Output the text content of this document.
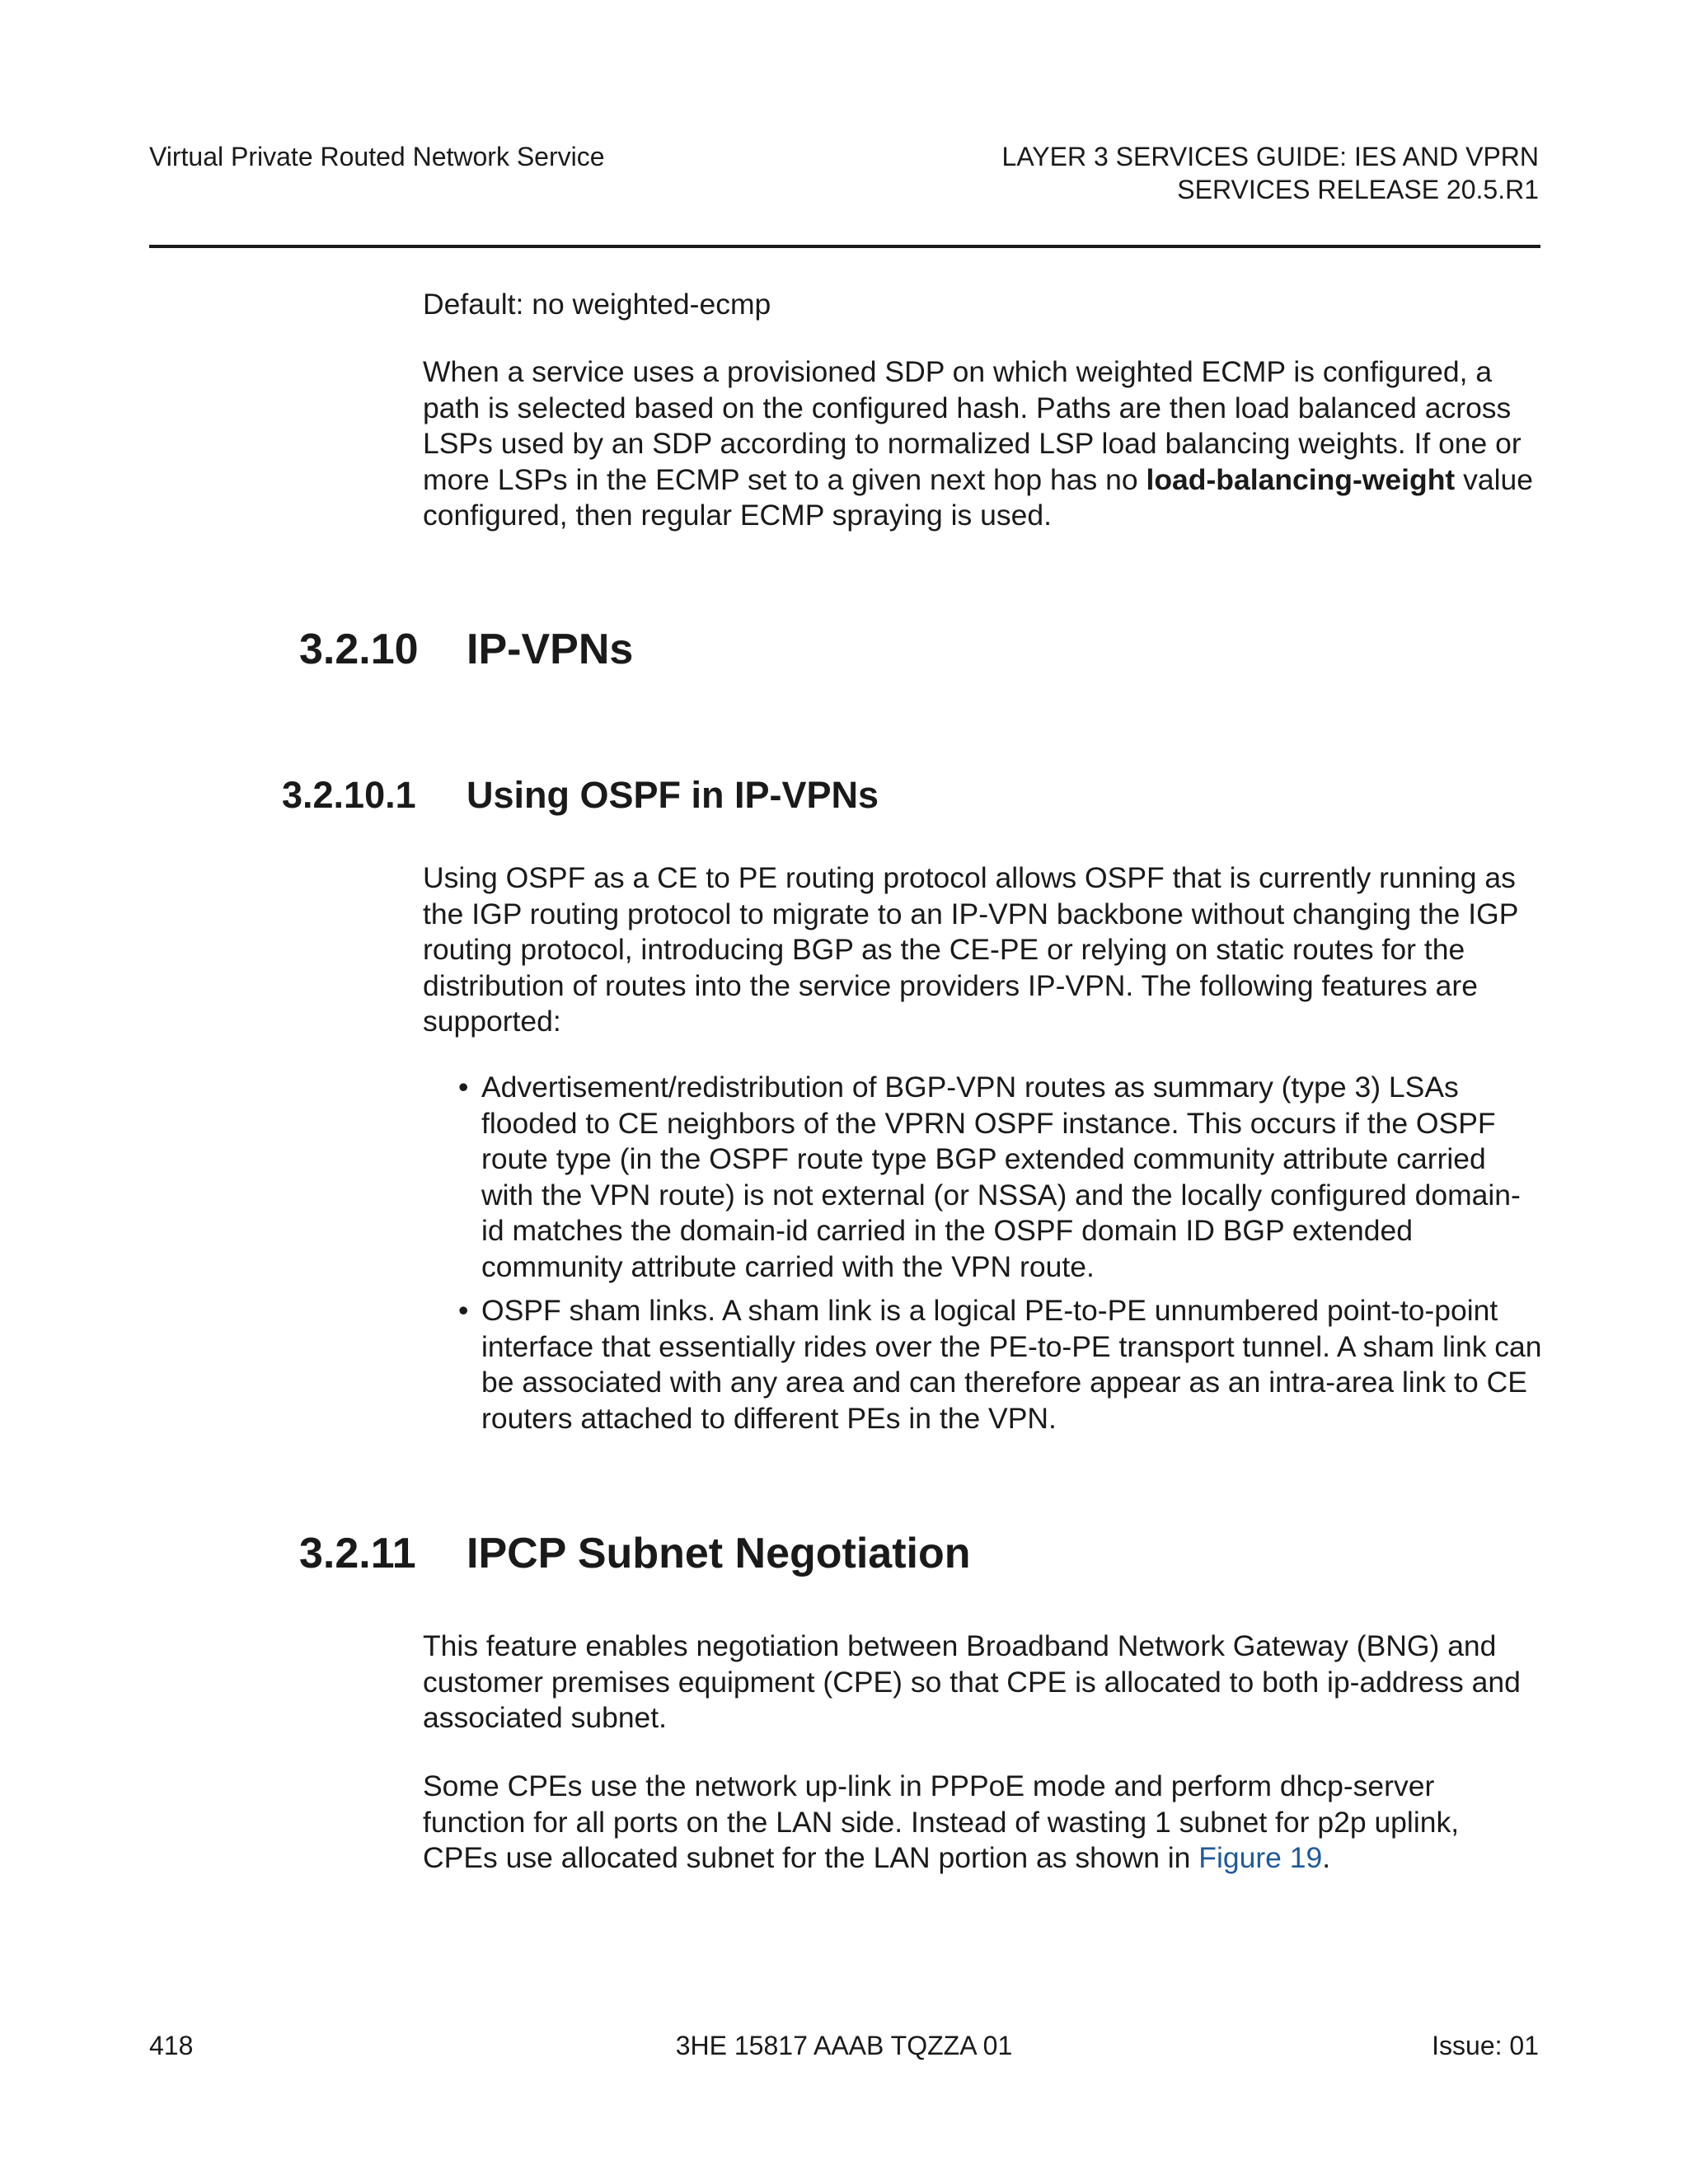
Virtual Private Routed Network Service	LAYER 3 SERVICES GUIDE: IES AND VPRN
SERVICES RELEASE 20.5.R1

Default: no weighted-ecmp

When a service uses a provisioned SDP on which weighted ECMP is configured, a path is selected based on the configured hash. Paths are then load balanced across LSPs used by an SDP according to normalized LSP load balancing weights. If one or more LSPs in the ECMP set to a given next hop has no load-balancing-weight value configured, then regular ECMP spraying is used.

3.2.10 IP-VPNs
3.2.10.1 Using OSPF in IP-VPNs

Using OSPF as a CE to PE routing protocol allows OSPF that is currently running as the IGP routing protocol to migrate to an IP-VPN backbone without changing the IGP routing protocol, introducing BGP as the CE-PE or relying on static routes for the distribution of routes into the service providers IP-VPN. The following features are supported:

• Advertisement/redistribution of BGP-VPN routes as summary (type 3) LSAs flooded to CE neighbors of the VPRN OSPF instance. This occurs if the OSPF route type (in the OSPF route type BGP extended community attribute carried with the VPN route) is not external (or NSSA) and the locally configured domain-id matches the domain-id carried in the OSPF domain ID BGP extended community attribute carried with the VPN route.
• OSPF sham links. A sham link is a logical PE-to-PE unnumbered point-to-point interface that essentially rides over the PE-to-PE transport tunnel. A sham link can be associated with any area and can therefore appear as an intra-area link to CE routers attached to different PEs in the VPN.
3.2.11 IPCP Subnet Negotiation

This feature enables negotiation between Broadband Network Gateway (BNG) and customer premises equipment (CPE) so that CPE is allocated to both ip-address and associated subnet.

Some CPEs use the network up-link in PPPoE mode and perform dhcp-server function for all ports on the LAN side. Instead of wasting 1 subnet for p2p uplink, CPEs use allocated subnet for the LAN portion as shown in Figure 19.

418	3HE 15817 AAAB TQZZA 01	Issue: 01
